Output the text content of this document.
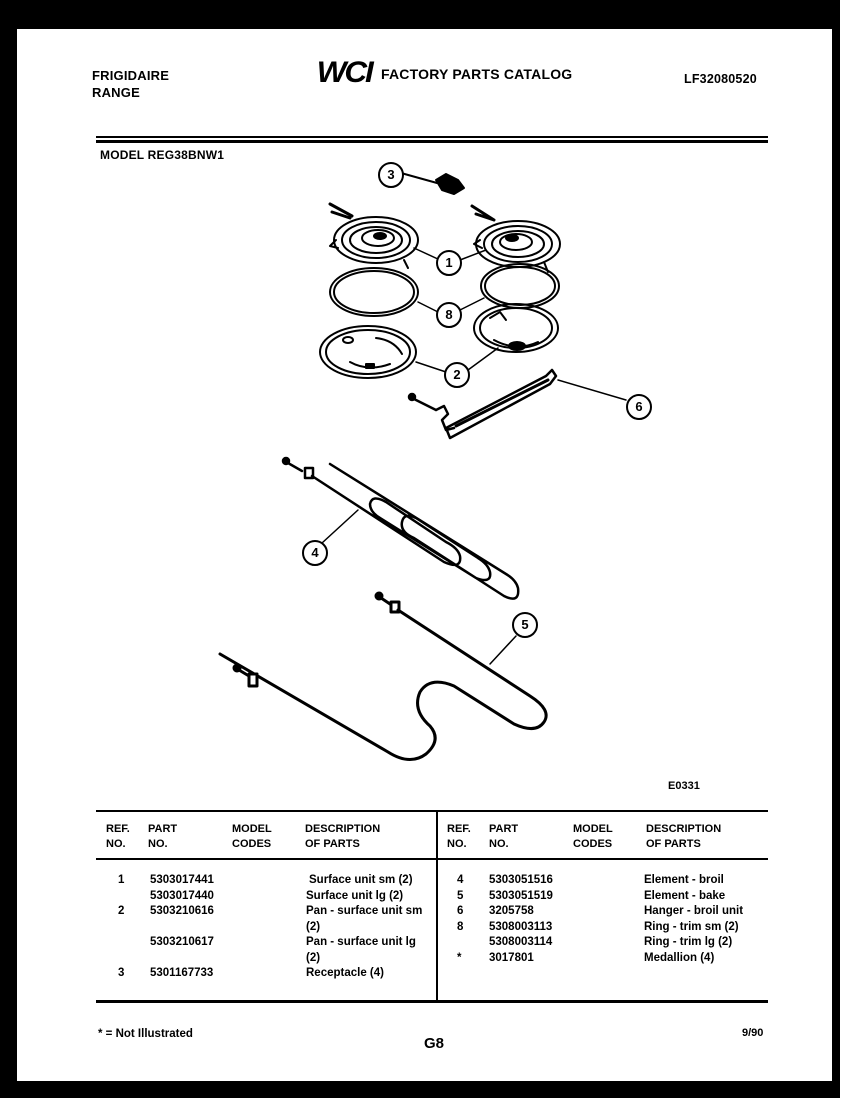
FRIGIDAIRE
RANGE
WCI FACTORY PARTS CATALOG	LF32080520
MODEL REG38BNW1
3
1
8
2
6
4
5
E0331
REF.
NO.
PART
NO.
MODEL
CODES
DESCRIPTION
OF PARTS
REF.
NO.
PART
NO.
MODEL
CODES
DESCRIPTION
OF PARTS
1

2

3
5303017441
5303017440
5303210616

5303210617

5301167733
Surface unit sm (2)
Surface unit lg (2)
Pan - surface unit sm
(2)
Pan - surface unit lg
(2)
Receptacle (4)
4
5
6
8

*
5303051516
5303051519
3205758
5308003113
5308003114
3017801
Element - broil
Element - bake
Hanger - broil unit
Ring - trim sm (2)
Ring - trim lg (2)
Medallion (4)
* = Not Illustrated
G8
9/90
